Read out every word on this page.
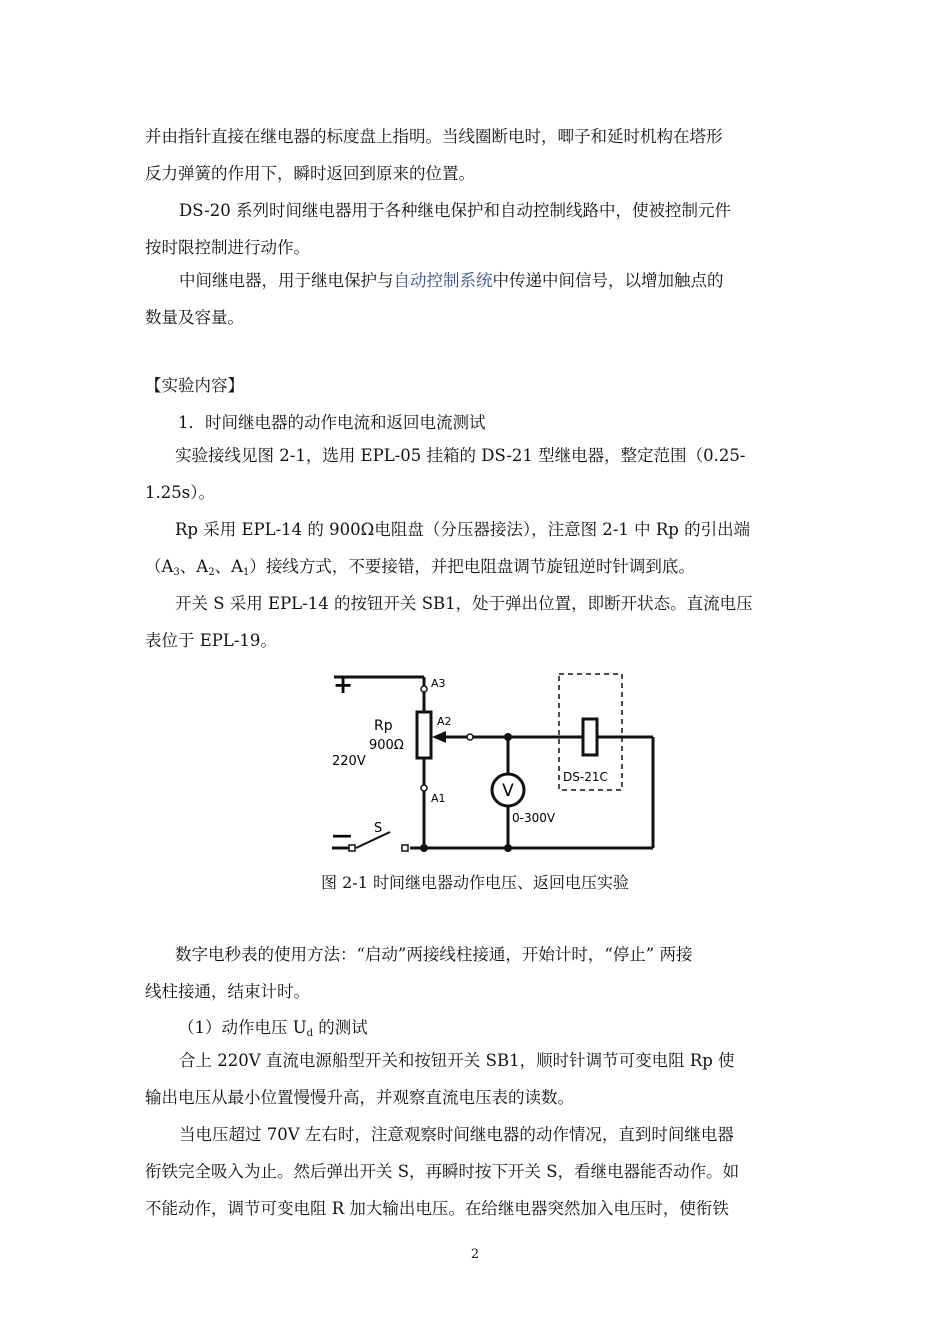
并由指针直接在继电器的标度盘上指明。当线圈断电时，唧子和延时机构在塔形
反力弹簧的作用下，瞬时返回到原来的位置。

DS-20 系列时间继电器用于各种继电保护和自动控制线路中，使被控制元件
按时限控制进行动作。

中间继电器，用于继电保护与自动控制系统中传递中间信号，以增加触点的
数量及容量。

【实验内容】

1．时间继电器的动作电流和返回电流测试

实验接线见图 2-1，选用 EPL-05 挂箱的 DS-21 型继电器，整定范围（0.25-
1.25s）。

Rp 采用 EPL-14 的 900Ω电阻盘（分压器接法），注意图 2-1 中 Rp 的引出端
（$A_3$、$A_2$、$A_1$）接线方式，不要接错，并把电阻盘调节旋钮逆时针调到底。

开关 S 采用 EPL-14 的按钮开关 SB1，处于弹出位置，即断开状态。直流电压
表位于 EPL-19。

+
—
A3
A2
A1
Rp
900Ω
220V
S
V
0-300V
DS-21C
图 2-1 时间继电器动作电压、返回电压实验

数字电秒表的使用方法：“启动”两接线柱接通，开始计时，“停止” 两接
线柱接通，结束计时。

（1）动作电压 $U_d$ 的测试

合上 220V 直流电源船型开关和按钮开关 SB1，顺时针调节可变电阻 Rp 使
输出电压从最小位置慢慢升高，并观察直流电压表的读数。

当电压超过 70V 左右时，注意观察时间继电器的动作情况，直到时间继电器
衔铁完全吸入为止。然后弹出开关 S，再瞬时按下开关 S，看继电器能否动作。如
不能动作，调节可变电阻 R 加大输出电压。在给继电器突然加入电压时，使衔铁

2
